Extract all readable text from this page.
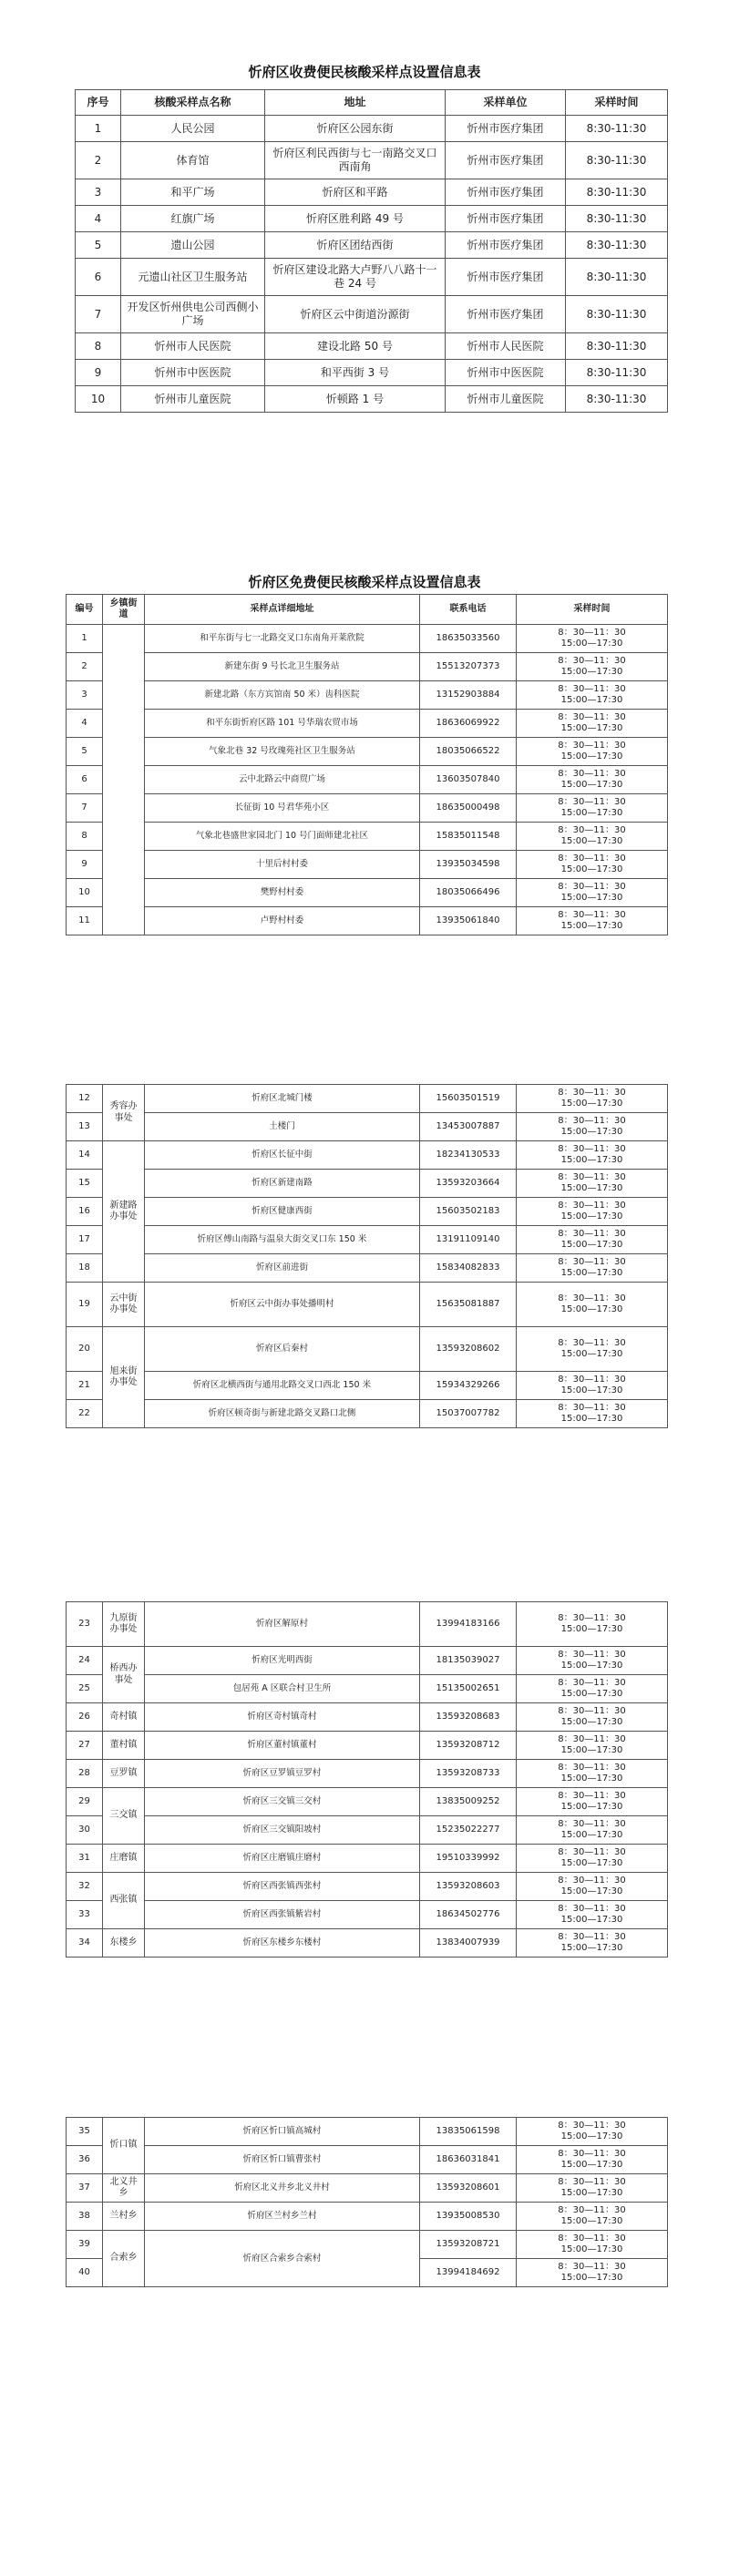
忻府区收费便民核酸采样点设置信息表
序号	核酸采样点名称	地址	采样单位	采样时间
1	人民公园	忻府区公园东街	忻州市医疗集团	8:30-11:30
2	体育馆	忻府区利民西街与七一南路交叉口西南角	忻州市医疗集团	8:30-11:30
3	和平广场	忻府区和平路	忻州市医疗集团	8:30-11:30
4	红旗广场	忻府区胜利路 49 号	忻州市医疗集团	8:30-11:30
5	遗山公园	忻府区团结西街	忻州市医疗集团	8:30-11:30
6	元遗山社区卫生服务站	忻府区建设北路大卢野八八路十一巷 24 号	忻州市医疗集团	8:30-11:30
7	开发区忻州供电公司西侧小广场	忻府区云中街道汾源街	忻州市医疗集团	8:30-11:30
8	忻州市人民医院	建设北路 50 号	忻州市人民医院	8:30-11:30
9	忻州市中医医院	和平西街 3 号	忻州市中医医院	8:30-11:30
10	忻州市儿童医院	忻顿路 1 号	忻州市儿童医院	8:30-11:30
忻府区免费便民核酸采样点设置信息表
编号	乡镇街道	采样点详细地址	联系电话	采样时间
1		和平东街与七一北路交叉口东南角开莱欣院	18635033560	8：30—11：3015:00—17:30
2		新建东街 9 号长北卫生服务站	15513207373	8：30—11：3015:00—17:30
3		新建北路（东方宾馆南 50 米）齿科医院	13152903884	8：30—11：3015:00—17:30
4		和平东街忻府区路 101 号华瑞农贸市场	18636069922	8：30—11：3015:00—17:30
5		气象北巷 32 号玫瑰苑社区卫生服务站	18035066522	8：30—11：3015:00—17:30
6		云中北路云中商贸广场	13603507840	8：30—11：3015:00—17:30
7		长征街 10 号君华苑小区	18635000498	8：30—11：3015:00—17:30
8		气象北巷盛世家园北门 10 号门面师建北社区	15835011548	8：30—11：3015:00—17:30
9		十里后村村委	13935034598	8：30—11：3015:00—17:30
10		樊野村村委	18035066496	8：30—11：3015:00—17:30
11		卢野村村委	13935061840	8：30—11：3015:00—17:30
12	秀容办事处	忻府区北城门楼	15603501519	8：30—11：3015:00—17:30
13		土楼门	13453007887	8：30—11：3015:00—17:30
14	新建路办事处	忻府区长征中街	18234130533	8：30—11：3015:00—17:30
15		忻府区新建南路	13593203664	8：30—11：3015:00—17:30
16		忻府区健康西街	15603502183	8：30—11：3015:00—17:30
17		忻府区傅山南路与温泉大街交叉口东 150 米	13191109140	8：30—11：3015:00—17:30
18		忻府区前进街	15834082833	8：30—11：3015:00—17:30
19	云中街办事处	忻府区云中街办事处播明村	15635081887	8：30—11：3015:00—17:30
20	旭来街办事处	忻府区后秦村	13593208602	8：30—11：3015:00—17:30
21		忻府区北横西街与通用北路交叉口西北 150 米	15934329266	8：30—11：3015:00—17:30
22		忻府区顿奇街与新建北路交叉路口北侧	15037007782	8：30—11：3015:00—17:30
23	九原街办事处	忻府区解原村	13994183166	8：30—11：3015:00—17:30
24	桥西办事处	忻府区光明西街	18135039027	8：30—11：3015:00—17:30
25		包居苑 A 区联合村卫生所	15135002651	8：30—11：3015:00—17:30
26	奇村镇	忻府区奇村镇奇村	13593208683	8：30—11：3015:00—17:30
27	董村镇	忻府区董村镇董村	13593208712	8：30—11：3015:00—17:30
28	豆罗镇	忻府区豆罗镇豆罗村	13593208733	8：30—11：3015:00—17:30
29	三交镇	忻府区三交镇三交村	13835009252	8：30—11：3015:00—17:30
30		忻府区三交镇阳坡村	15235022277	8：30—11：3015:00—17:30
31	庄磨镇	忻府区庄磨镇庄磨村	19510339992	8：30—11：3015:00—17:30
32	西张镇	忻府区西张镇西张村	13593208603	8：30—11：3015:00—17:30
33		忻府区西张镇紫岩村	18634502776	8：30—11：3015:00—17:30
34	东楼乡	忻府区东楼乡东楼村	13834007939	8：30—11：3015:00—17:30
35	忻口镇	忻府区忻口镇高城村	13835061598	8：30—11：3015:00—17:30
36		忻府区忻口镇曹张村	18636031841	8：30—11：3015:00—17:30
37	北义井乡	忻府区北义井乡北义井村	13593208601	8：30—11：3015:00—17:30
38	兰村乡	忻府区兰村乡兰村	13935008530	8：30—11：3015:00—17:30
39	合索乡	忻府区合索乡合索村	13593208721	8：30—11：3015:00—17:30
40			13994184692	8：30—11：3015:00—17:30
